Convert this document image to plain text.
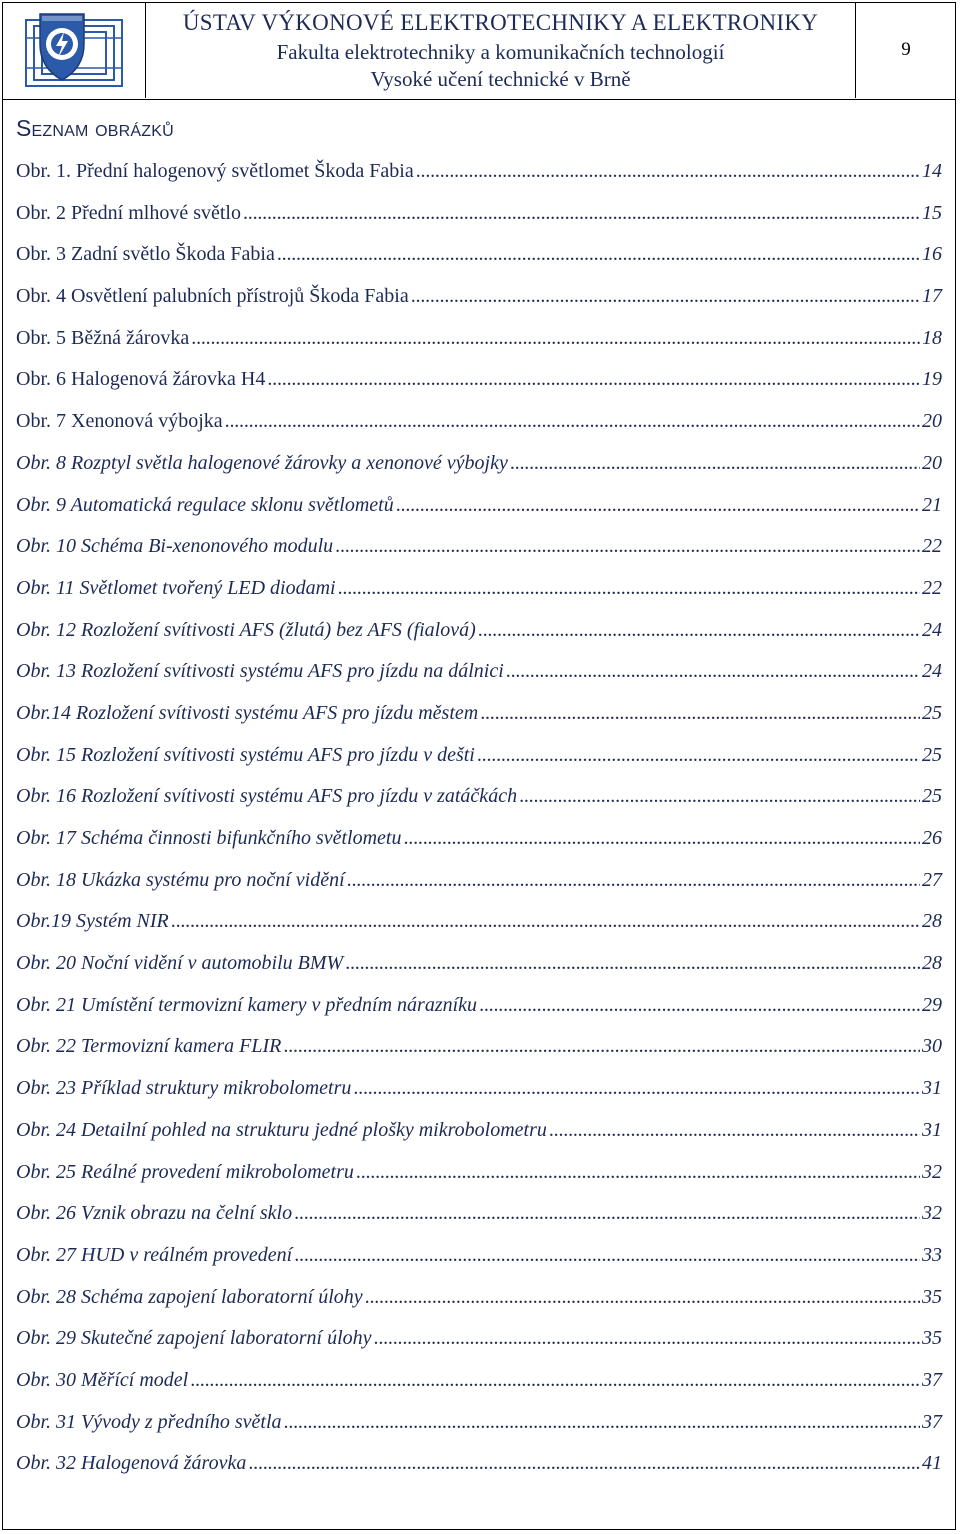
ÚSTAV VÝKONOVÉ ELEKTROTECHNIKY A ELEKTRONIKY
Fakulta elektrotechniky a komunikačních technologií
Vysoké učení technické v Brně
9
Seznam obrázků
Obr. 1. Přední halogenový světlomet Škoda Fabia . . .	14
Obr. 2 Přední mlhové světlo . . .	15
Obr. 3 Zadní světlo Škoda Fabia . . .	16
Obr. 4 Osvětlení palubních přístrojů Škoda Fabia . . .	17
Obr. 5 Běžná žárovka . . .	18
Obr. 6 Halogenová žárovka H4 . . .	19
Obr. 7 Xenonová výbojka . . .	20
Obr. 8 Rozptyl světla halogenové žárovky a xenonové výbojky . . .	20
Obr. 9 Automatická regulace sklonu světlometů . . .	21
Obr. 10 Schéma Bi-xenonového modulu . . .	22
Obr. 11 Světlomet tvořený LED diodami . . .	22
Obr. 12 Rozložení svítivosti AFS (žlutá) bez AFS (fialová) . . .	24
Obr. 13 Rozložení svítivosti systému AFS pro jízdu na dálnici . . .	24
Obr.14 Rozložení svítivosti systému AFS pro jízdu městem . . .	25
Obr. 15 Rozložení svítivosti systému AFS pro jízdu v dešti . . .	25
Obr. 16 Rozložení svítivosti systému AFS pro jízdu v zatáčkách . . .	25
Obr. 17 Schéma činnosti bifunkčního světlometu . . .	26
Obr. 18 Ukázka systému pro noční vidění . . .	27
Obr.19 Systém NIR . . .	28
Obr. 20 Noční vidění v automobilu BMW . . .	28
Obr. 21 Umístění termovizní kamery v předním nárazníku . . .	29
Obr. 22 Termovizní kamera FLIR . . .	30
Obr. 23 Příklad struktury mikrobolometru . . .	31
Obr. 24 Detailní pohled na strukturu jedné plošky mikrobolometru . . .	31
Obr. 25 Reálné provedení mikrobolometru . . .	32
Obr. 26 Vznik obrazu na čelní sklo . . .	32
Obr. 27 HUD v reálném provedení . . .	33
Obr. 28 Schéma zapojení laboratorní úlohy . . .	35
Obr. 29 Skutečné zapojení laboratorní úlohy . . .	35
Obr. 30 Měřící model . . .	37
Obr. 31 Vývody z předního světla . . .	37
Obr. 32 Halogenová žárovka . . .	41
